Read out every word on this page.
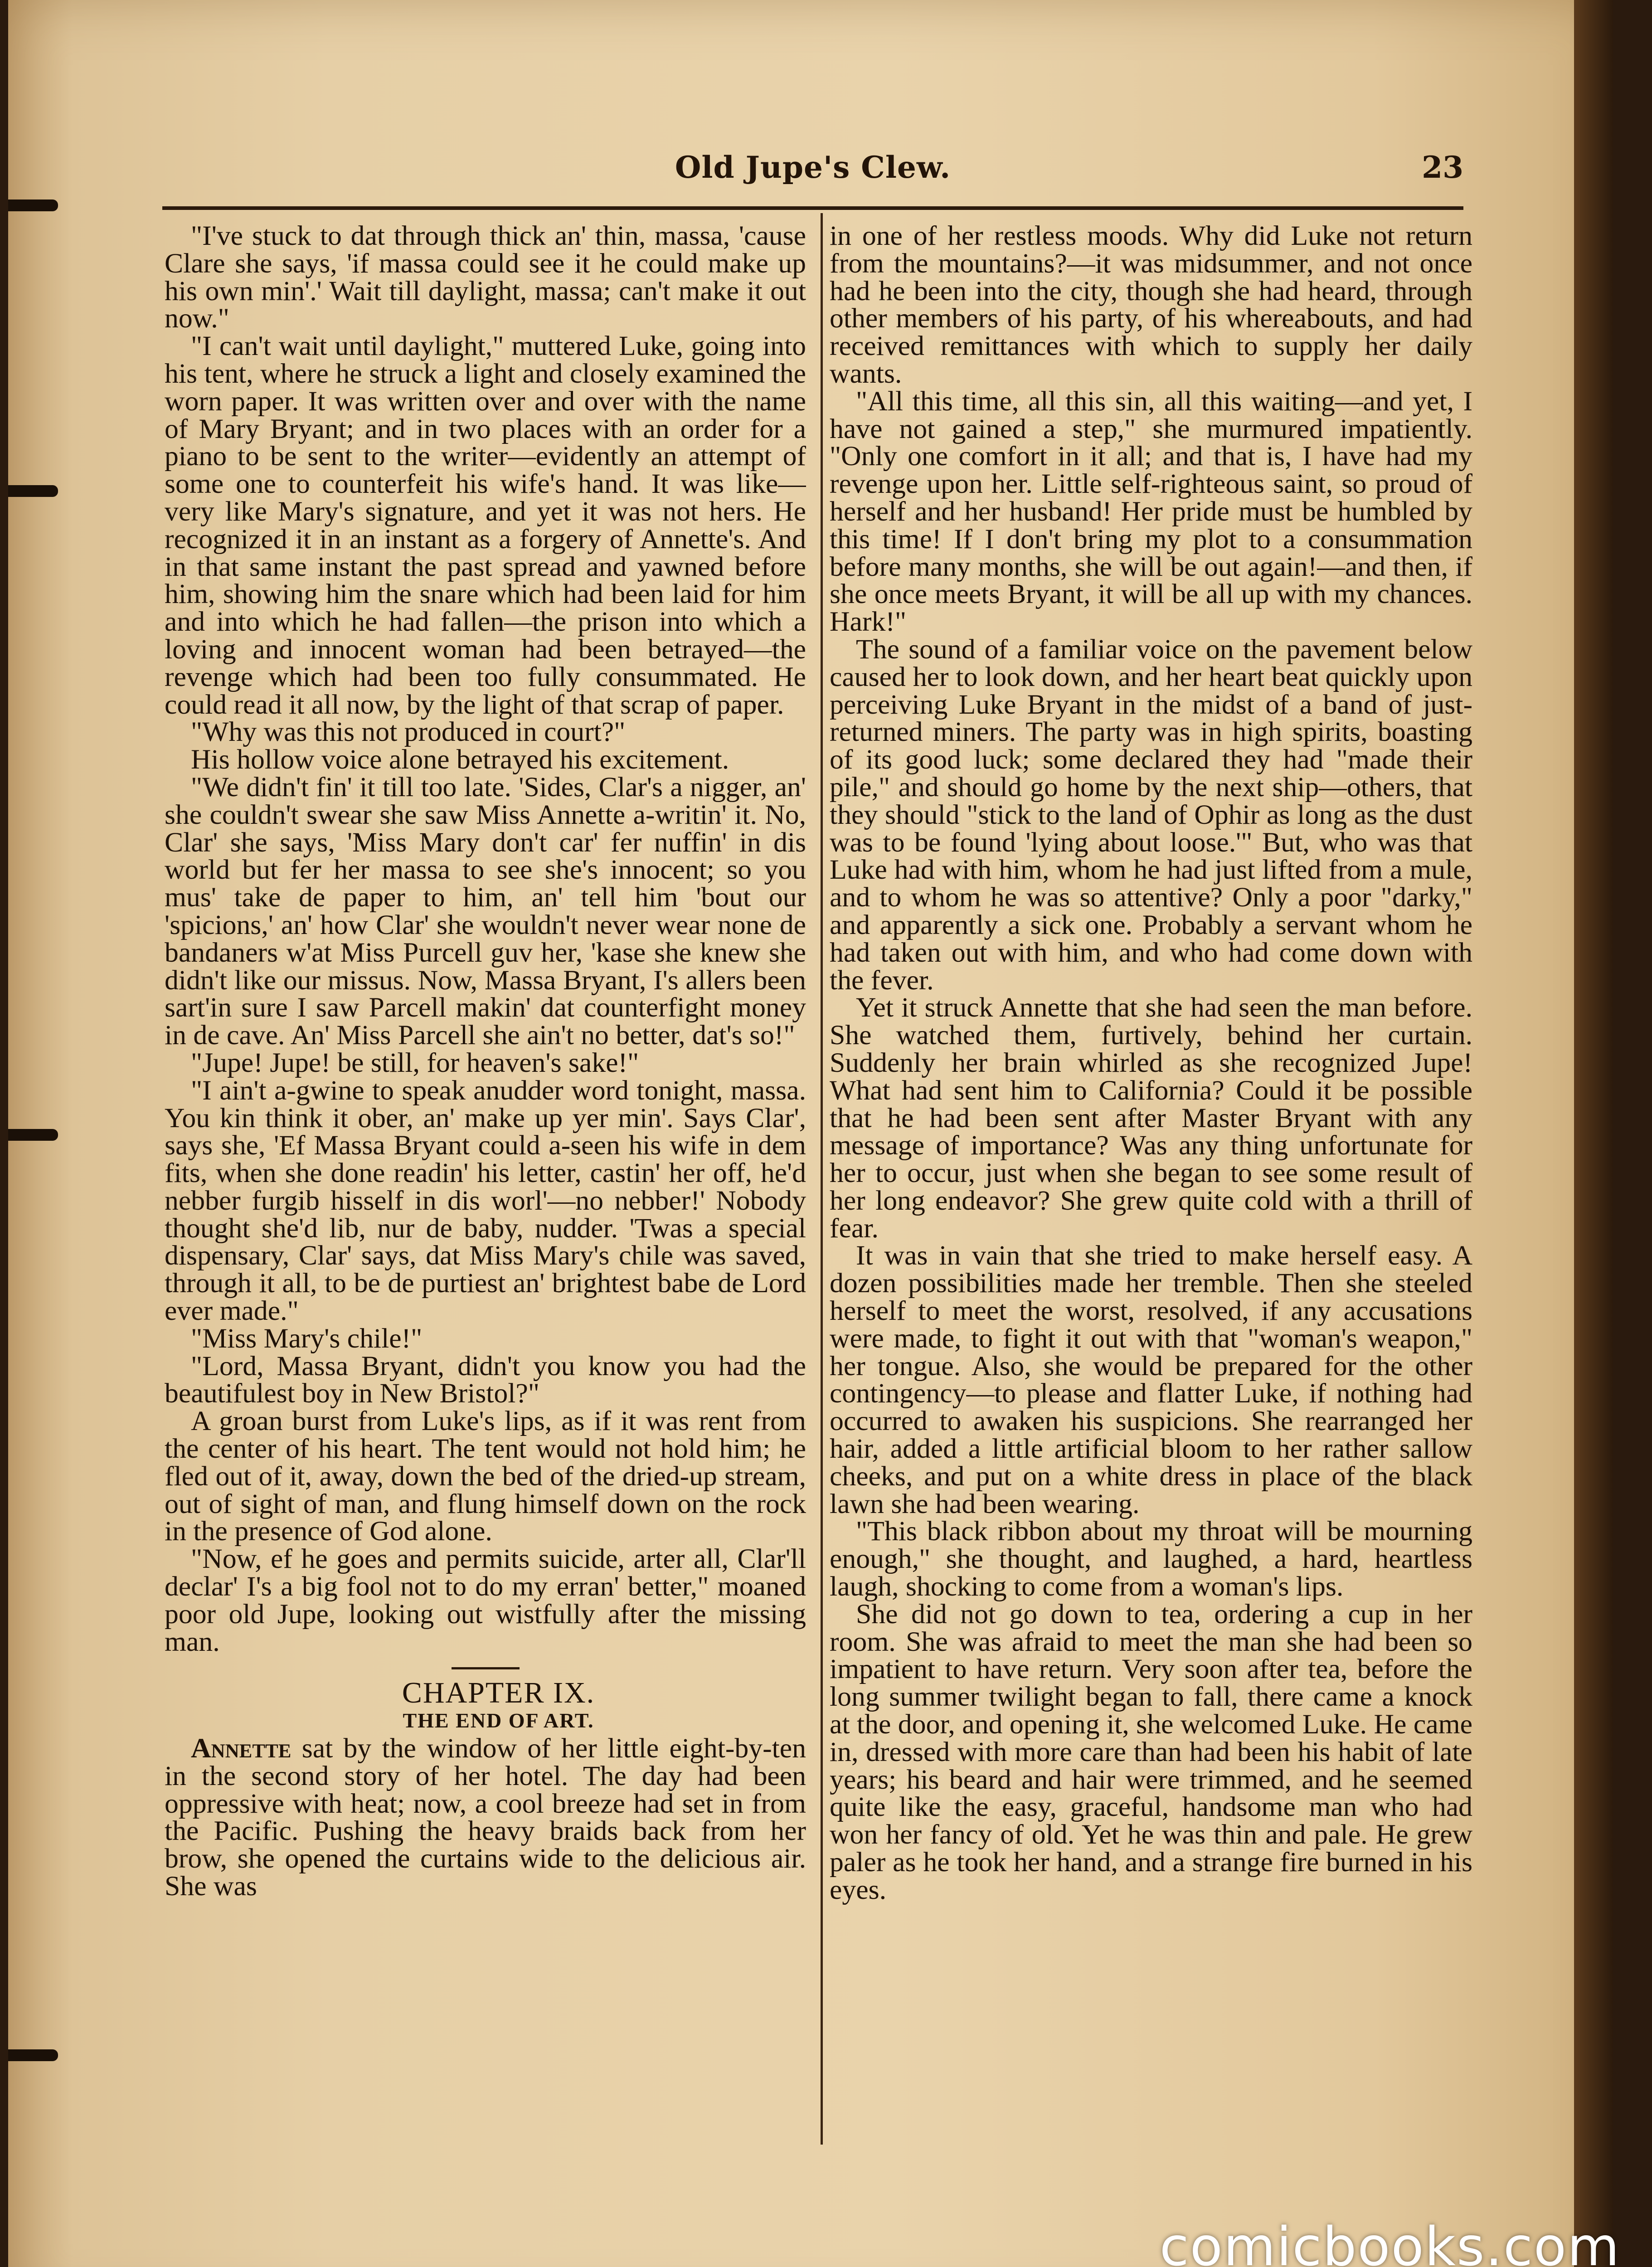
Old Jupe's Clew.	23

"I've stuck to dat through thick an' thin, massa, 'cause Clare she says, 'if massa could see it he could make up his own min'.' Wait till daylight, massa; can't make it out now."

"I can't wait until daylight," muttered Luke, going into his tent, where he struck a light and closely examined the worn paper. It was written over and over with the name of Mary Bryant; and in two places with an order for a piano to be sent to the writer—evidently an attempt of some one to counterfeit his wife's hand. It was like—very like Mary's signature, and yet it was not hers. He recognized it in an instant as a forgery of Annette's. And in that same instant the past spread and yawned before him, showing him the snare which had been laid for him and into which he had fallen—the prison into which a loving and innocent woman had been betrayed—the revenge which had been too fully consummated. He could read it all now, by the light of that scrap of paper.

"Why was this not produced in court?"

His hollow voice alone betrayed his excitement.

"We didn't fin' it till too late. 'Sides, Clar's a nigger, an' she couldn't swear she saw Miss Annette a-writin' it. No, Clar' she says, 'Miss Mary don't car' fer nuffin' in dis world but fer her massa to see she's innocent; so you mus' take de paper to him, an' tell him 'bout our 'spicions,' an' how Clar' she wouldn't never wear none de bandaners w'at Miss Purcell guv her, 'kase she knew she didn't like our missus. Now, Massa Bryant, I's allers been sart'in sure I saw Parcell makin' dat counterfight money in de cave. An' Miss Parcell she ain't no better, dat's so!"

"Jupe! Jupe! be still, for heaven's sake!"

"I ain't a-gwine to speak anudder word tonight, massa. You kin think it ober, an' make up yer min'. Says Clar', says she, 'Ef Massa Bryant could a-seen his wife in dem fits, when she done readin' his letter, castin' her off, he'd nebber furgib hisself in dis worl'—no nebber!' Nobody thought she'd lib, nur de baby, nudder. 'Twas a special dispensary, Clar' says, dat Miss Mary's chile was saved, through it all, to be de purtiest an' brightest babe de Lord ever made."

"Miss Mary's chile!"

"Lord, Massa Bryant, didn't you know you had the beautifulest boy in New Bristol?"

A groan burst from Luke's lips, as if it was rent from the center of his heart. The tent would not hold him; he fled out of it, away, down the bed of the dried-up stream, out of sight of man, and flung himself down on the rock in the presence of God alone.

"Now, ef he goes and permits suicide, arter all, Clar'll declar' I's a big fool not to do my erran' better," moaned poor old Jupe, looking out wistfully after the missing man.

CHAPTER IX.

THE END OF ART.

Annette sat by the window of her little eight-by-ten in the second story of her hotel. The day had been oppressive with heat; now, a cool breeze had set in from the Pacific. Pushing the heavy braids back from her brow, she opened the curtains wide to the delicious air. She was

in one of her restless moods. Why did Luke not return from the mountains?—it was midsummer, and not once had he been into the city, though she had heard, through other members of his party, of his whereabouts, and had received remittances with which to supply her daily wants.

"All this time, all this sin, all this waiting—and yet, I have not gained a step," she murmured impatiently. "Only one comfort in it all; and that is, I have had my revenge upon her. Little self-righteous saint, so proud of herself and her husband! Her pride must be humbled by this time! If I don't bring my plot to a consummation before many months, she will be out again!—and then, if she once meets Bryant, it will be all up with my chances. Hark!"

The sound of a familiar voice on the pavement below caused her to look down, and her heart beat quickly upon perceiving Luke Bryant in the midst of a band of just-returned miners. The party was in high spirits, boasting of its good luck; some declared they had "made their pile," and should go home by the next ship—others, that they should "stick to the land of Ophir as long as the dust was to be found 'lying about loose.'" But, who was that Luke had with him, whom he had just lifted from a mule, and to whom he was so attentive? Only a poor "darky," and apparently a sick one. Probably a servant whom he had taken out with him, and who had come down with the fever.

Yet it struck Annette that she had seen the man before. She watched them, furtively, behind her curtain. Suddenly her brain whirled as she recognized Jupe! What had sent him to California? Could it be possible that he had been sent after Master Bryant with any message of importance? Was any thing unfortunate for her to occur, just when she began to see some result of her long endeavor? She grew quite cold with a thrill of fear.

It was in vain that she tried to make herself easy. A dozen possibilities made her tremble. Then she steeled herself to meet the worst, resolved, if any accusations were made, to fight it out with that "woman's weapon," her tongue. Also, she would be prepared for the other contingency—to please and flatter Luke, if nothing had occurred to awaken his suspicions. She rearranged her hair, added a little artificial bloom to her rather sallow cheeks, and put on a white dress in place of the black lawn she had been wearing.

"This black ribbon about my throat will be mourning enough," she thought, and laughed, a hard, heartless laugh, shocking to come from a woman's lips.

She did not go down to tea, ordering a cup in her room. She was afraid to meet the man she had been so impatient to have return. Very soon after tea, before the long summer twilight began to fall, there came a knock at the door, and opening it, she welcomed Luke. He came in, dressed with more care than had been his habit of late years; his beard and hair were trimmed, and he seemed quite like the easy, graceful, handsome man who had won her fancy of old. Yet he was thin and pale. He grew paler as he took her hand, and a strange fire burned in his eyes.

comicbooks.com
